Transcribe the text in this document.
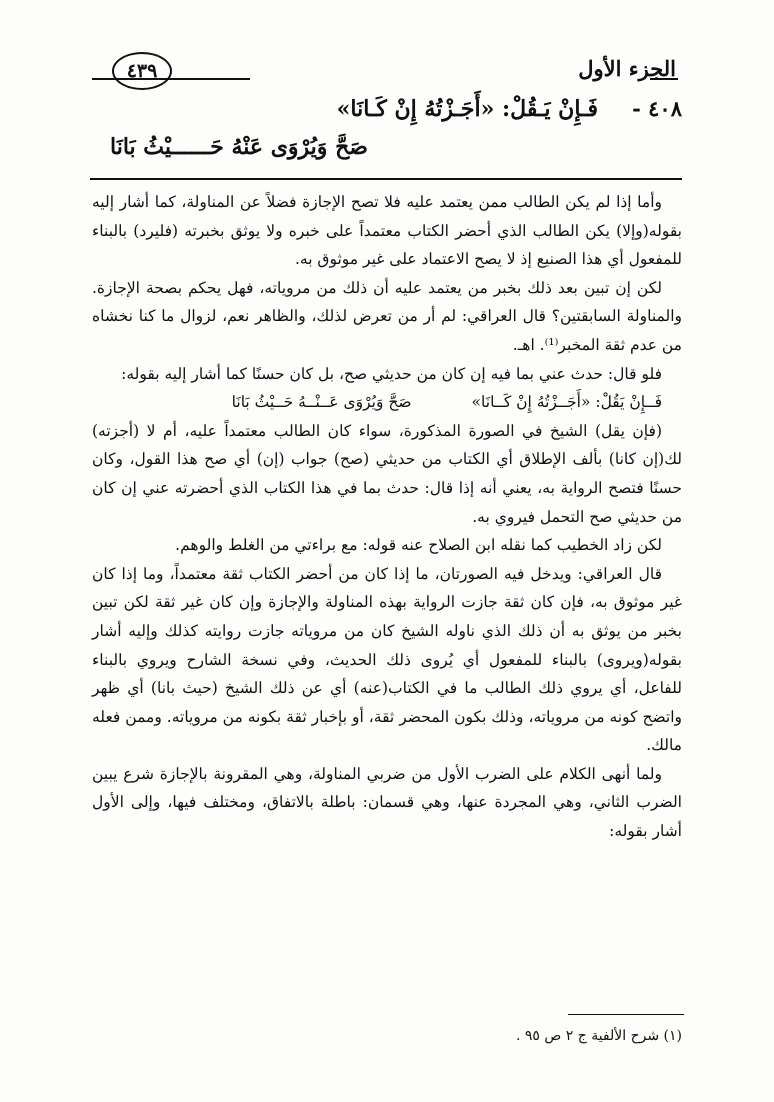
الجزء الأول
٤٣٩
٤٠٨ -
فَـإِنْ يَـقُلْ: «أَجَـزْتُهُ إِنْ كَـانَا»
صَحَّ وَيُرْوَى عَنْهُ حَــــــيْثُ بَانَا

وأما إذا لم يكن الطالب ممن يعتمد عليه فلا تصح الإجازة فضلاً عن المناولة، كما أشار إليه بقوله(وإلا) يكن الطالب الذي أحضر الكتاب معتمداً على خبره ولا يوثق بخبرته (فليرد) بالبناء للمفعول أي هذا الصنيع إذ لا يصح الاعتماد على غير موثوق به.

لكن إن تبين بعد ذلك بخبر من يعتمد عليه أن ذلك من مروياته، فهل يحكم بصحة الإجازة. والمناولة السابقتين؟ قال العراقي: لم أر من تعرض لذلك، والظاهر نعم، لزوال ما كنا نخشاه من عدم ثقة المخبر⁽¹⁾. اهـ.

فلو قال: حدث عني بما فيه إن كان من حديثي صح، بل كان حسنًا كما أشار إليه بقوله:

فَــإِنْ يَقُلْ: «أَجَــزْتُهُ إِنْ كَــانَا»
صَحَّ وَيُرْوَى عَــنْــهُ حَــيْثُ بَانَا

(فإن يقل) الشيخ في الصورة المذكورة، سواء كان الطالب معتمداً عليه، أم لا (أجزته) لك(إن كانا) بألف الإطلاق أي الكتاب من حديثي (صح) جواب (إن) أي صح هذا القول، وكان حسنًا فتصح الرواية به، يعني أنه إذا قال: حدث بما في هذا الكتاب الذي أحضرته عني إن كان من حديثي صح التحمل فيروي به.

لكن زاد الخطيب كما نقله ابن الصلاح عنه قوله: مع براءتي من الغلط والوهم.

قال العراقي: ويدخل فيه الصورتان، ما إذا كان من أحضر الكتاب ثقة معتمداً، وما إذا كان غير موثوق به، فإن كان ثقة جازت الرواية بهذه المناولة والإجازة وإن كان غير ثقة لكن تبين بخبر من يوثق به أن ذلك الذي ناوله الشيخ كان من مروياته جازت روايته كذلك وإليه أشار بقوله(ويروى) بالبناء للمفعول أي يُروى ذلك الحديث، وفي نسخة الشارح ويروي بالبناء للفاعل، أي يروي ذلك الطالب ما في الكتاب(عنه) أي عن ذلك الشيخ (حيث بانا) أي ظهر واتضح كونه من مروياته، وذلك بكون المحضر ثقة، أو بإخبار ثقة بكونه من مروياته. وممن فعله مالك.

ولما أنهى الكلام على الضرب الأول من ضربي المناولة، وهي المقرونة بالإجازة شرع يبين الضرب الثاني، وهي المجردة عنها، وهي قسمان: باطلة بالاتفاق، ومختلف فيها، وإلى الأول أشار بقوله:

(١) شرح الألفية ج ٢ ص ٩٥ .
